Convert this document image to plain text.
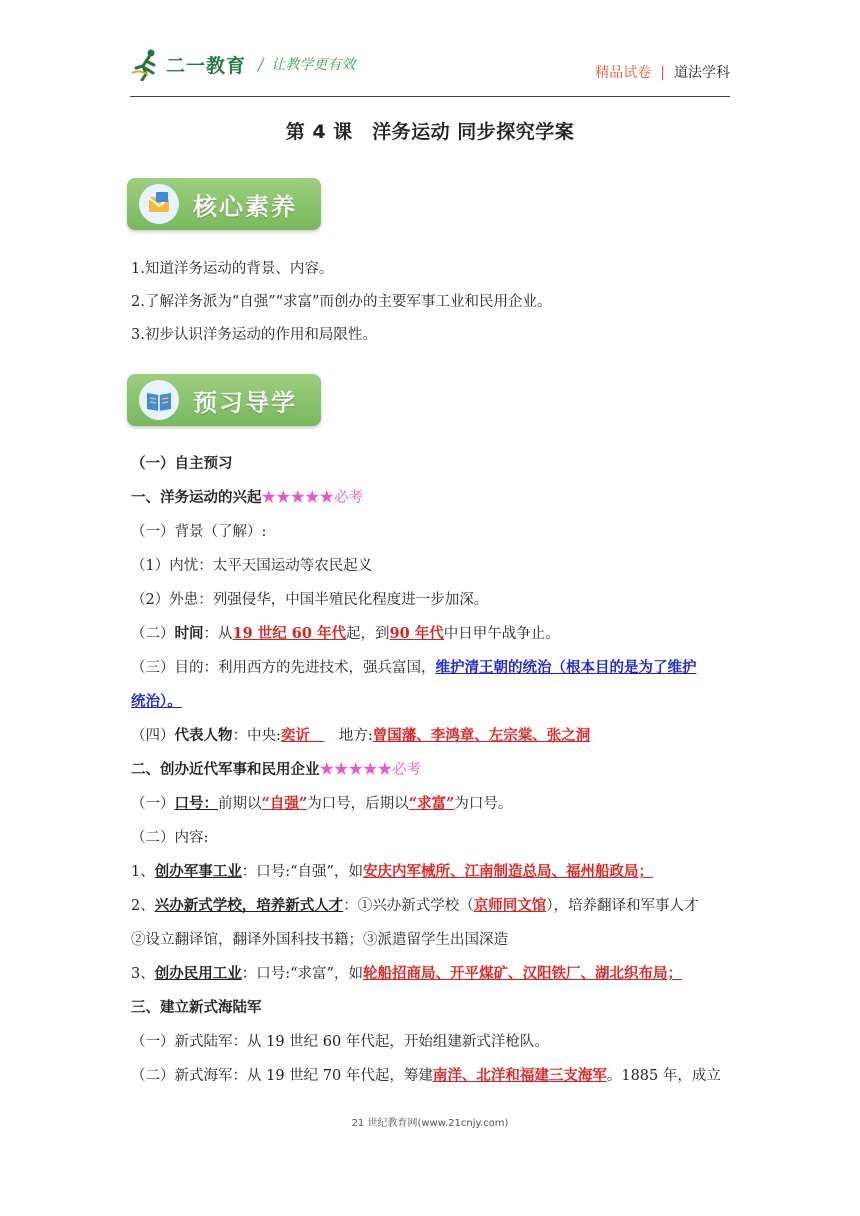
二一教育 / 让教学更有效	精品试卷 | 道法学科
第 4 课　洋务运动 同步探究学案
核心素养
1.知道洋务运动的背景、内容。
2.了解洋务派为“自强”“求富”而创办的主要军事工业和民用企业。
3.初步认识洋务运动的作用和局限性。
预习导学
（一）自主预习
一、洋务运动的兴起★★★★★必考
（一）背景（了解）:
（1）内忧：太平天国运动等农民起义
（2）外患：列强侵华，中国半殖民化程度进一步加深。
（二）时间：从19 世纪 60 年代起，到90 年代中日甲午战争止。
（三）目的：利用西方的先进技术，强兵富国，维护清王朝的统治（根本目的是为了维护
统治）。
（四）代表人物：中央:奕䜣　　地方:曾国藩、李鸿章、左宗棠、张之洞
二、创办近代军事和民用企业★★★★★必考
（一）口号：前期以“自强”为口号，后期以“求富”为口号。
（二）内容:
1、创办军事工业：口号:“自强”，如安庆内军械所、江南制造总局、福州船政局；
2、兴办新式学校，培养新式人才：①兴办新式学校（京师同文馆），培养翻译和军事人才
②设立翻译馆，翻译外国科技书籍；③派遣留学生出国深造
3、创办民用工业：口号:“求富”，如轮船招商局、开平煤矿、汉阳铁厂、湖北织布局；
三、建立新式海陆军
（一）新式陆军：从 19 世纪 60 年代起，开始组建新式洋枪队。
（二）新式海军：从 19 世纪 70 年代起，筹建南洋、北洋和福建三支海军。1885 年，成立
21 世纪教育网(www.21cnjy.com)
